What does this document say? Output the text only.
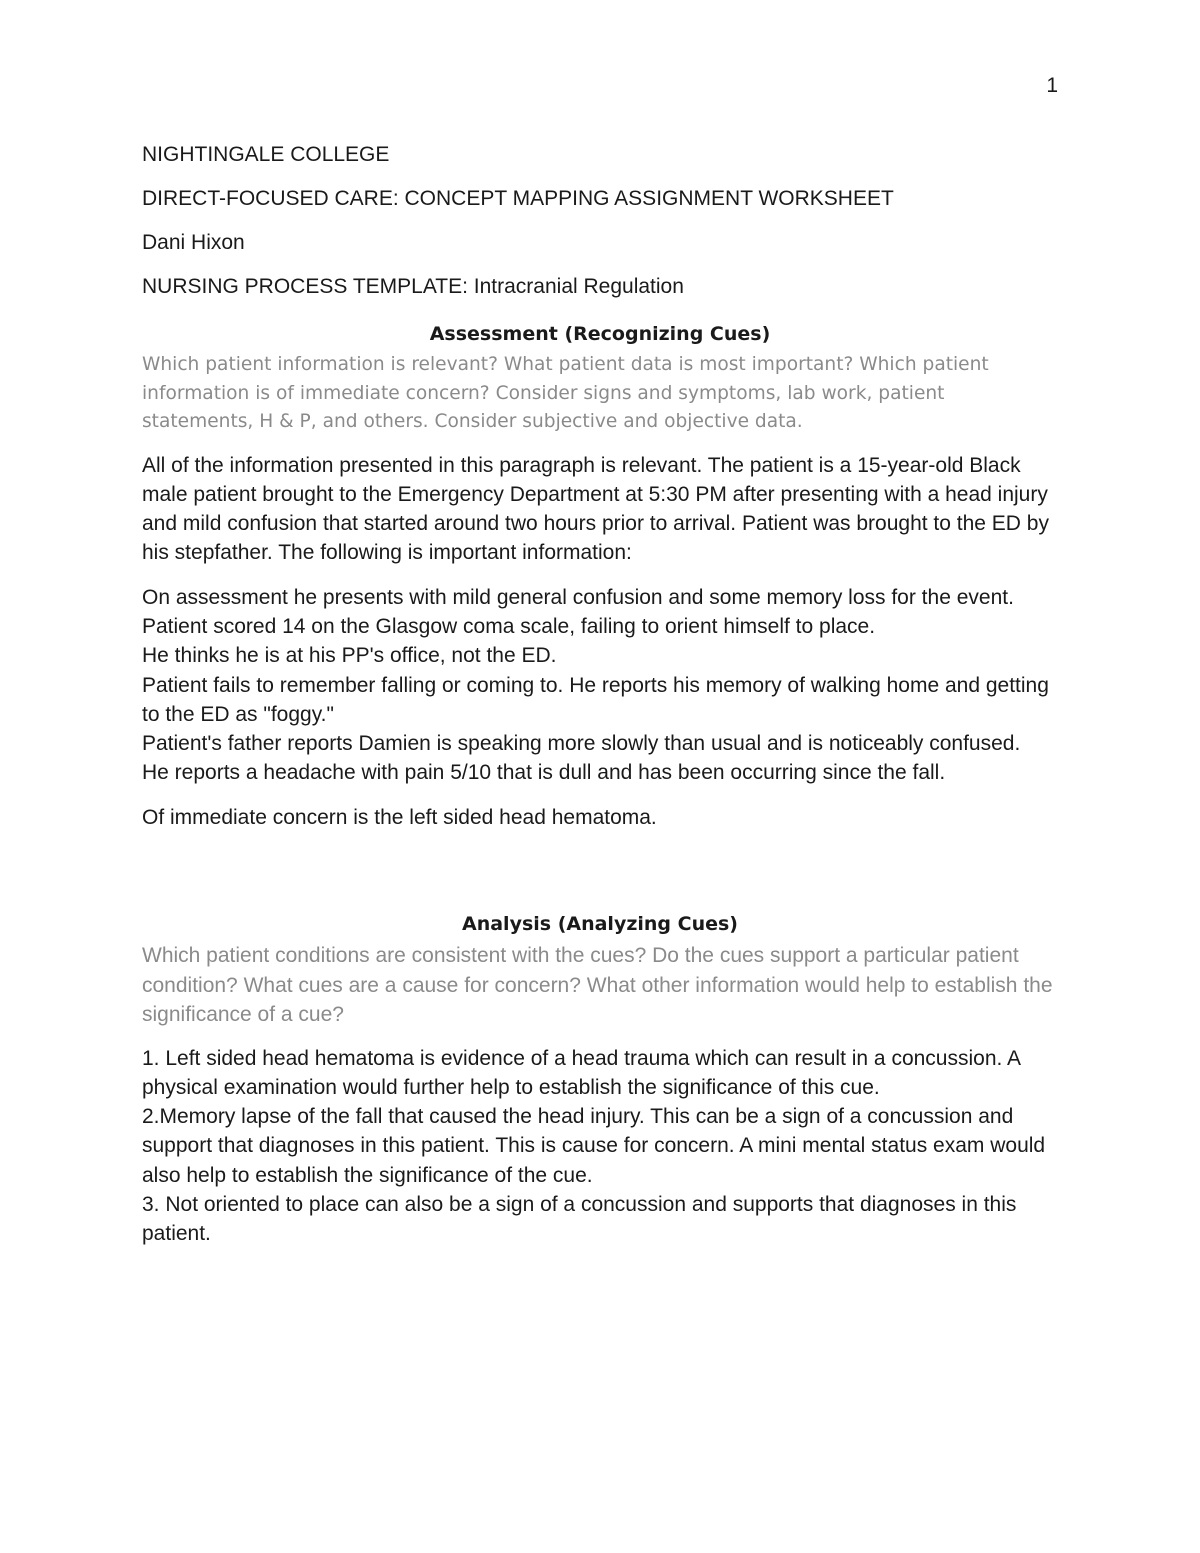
1

NIGHTINGALE COLLEGE

DIRECT-FOCUSED CARE: CONCEPT MAPPING ASSIGNMENT WORKSHEET

Dani Hixon

NURSING PROCESS TEMPLATE: Intracranial Regulation

Assessment (Recognizing Cues)

Which patient information is relevant? What patient data is most important? Which patient information is of immediate concern? Consider signs and symptoms, lab work, patient statements, H & P, and others. Consider subjective and objective data.

All of the information presented in this paragraph is relevant. The patient is a 15-year-old Black male patient brought to the Emergency Department at 5:30 PM after presenting with a head injury and mild confusion that started around two hours prior to arrival. Patient was brought to the ED by his stepfather. The following is important information:

On assessment he presents with mild general confusion and some memory loss for the event.

Patient scored 14 on the Glasgow coma scale, failing to orient himself to place.

He thinks he is at his PP's office, not the ED.

Patient fails to remember falling or coming to. He reports his memory of walking home and getting to the ED as "foggy."

Patient's father reports Damien is speaking more slowly than usual and is noticeably confused.

He reports a headache with pain 5/10 that is dull and has been occurring since the fall.

Of immediate concern is the left sided head hematoma.

Analysis (Analyzing Cues)

Which patient conditions are consistent with the cues? Do the cues support a particular patient condition? What cues are a cause for concern? What other information would help to establish the significance of a cue?

1. Left sided head hematoma is evidence of a head trauma which can result in a concussion. A physical examination would further help to establish the significance of this cue.

2.Memory lapse of the fall that caused the head injury. This can be a sign of a concussion and support that diagnoses in this patient. This is cause for concern. A mini mental status exam would also help to establish the significance of the cue.

3. Not oriented to place can also be a sign of a concussion and supports that diagnoses in this patient.
